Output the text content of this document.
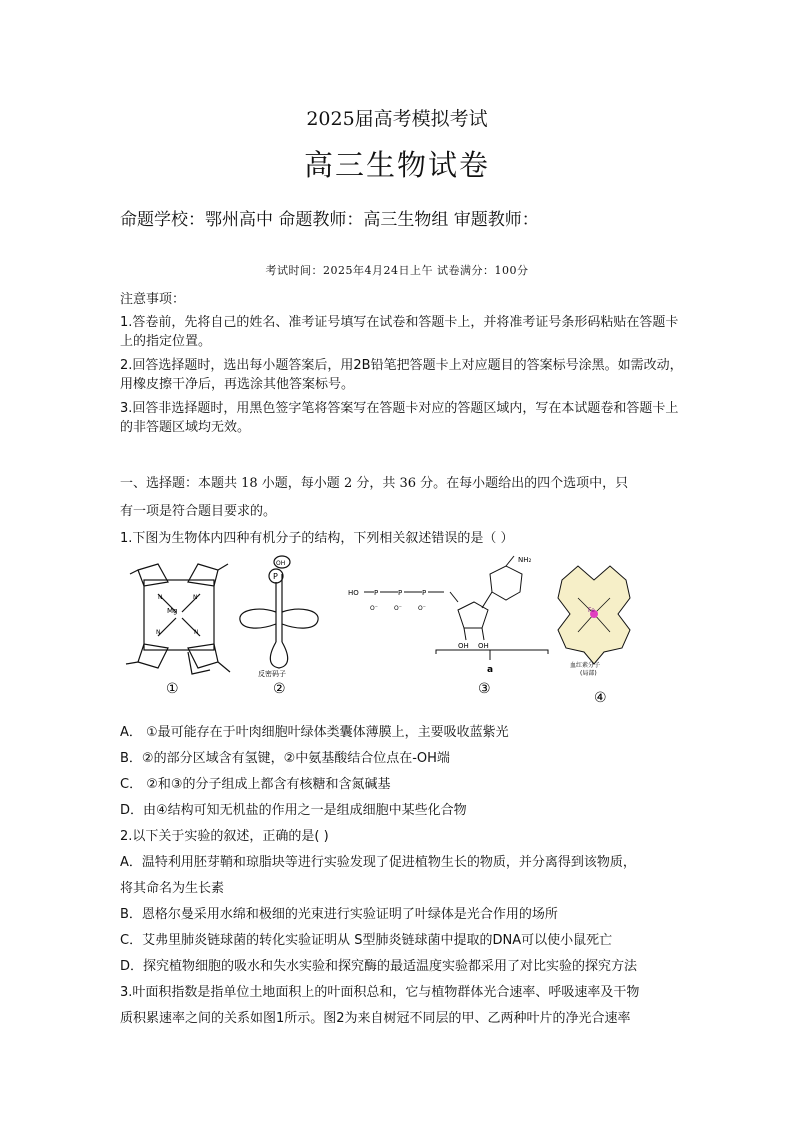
2025届高考模拟考试
高三生物试卷
命题学校：鄂州高中 命题教师：高三生物组 审题教师：
考试时间：2025年4月24日上午 试卷满分：100分
注意事项：
1.答卷前，先将自己的姓名、准考证号填写在试卷和答题卡上，并将准考证号条形码粘贴在答题卡上的指定位置。
2.回答选择题时，选出每小题答案后，用2B铅笔把答题卡上对应题目的答案标号涂黑。如需改动，用橡皮擦干净后，再选涂其他答案标号。
3.回答非选择题时，用黑色签字笔将答案写在答题卡对应的答题区域内，写在本试题卷和答题卡上的非答题区域均无效。
一、选择题：本题共 18 小题，每小题 2 分，共 36 分。在每小题给出的四个选项中，只
有一项是符合题目要求的。
1.下图为生物体内四种有机分子的结构，下列相关叙述错误的是（ ）
Mg
N	N
N	N
P
OH
反密码子
HO P	P	P
O⁻	O⁻	O⁻
NH₂
OH OH
a
Fe
血红素分子
(局部)
①	②	③
④
A． ①最可能存在于叶肉细胞叶绿体类囊体薄膜上，主要吸收蓝紫光
B．②的部分区域含有氢键，②中氨基酸结合位点在-OH端
C． ②和③的分子组成上都含有核糖和含氮碱基
D．由④结构可知无机盐的作用之一是组成细胞中某些化合物
2.以下关于实验的叙述，正确的是( )
A．温特利用胚芽鞘和琼脂块等进行实验发现了促进植物生长的物质，并分离得到该物质，
将其命名为生长素
B．恩格尔曼采用水绵和极细的光束进行实验证明了叶绿体是光合作用的场所
C．艾弗里肺炎链球菌的转化实验证明从 S型肺炎链球菌中提取的DNA可以使小鼠死亡
D．探究植物细胞的吸水和失水实验和探究酶的最适温度实验都采用了对比实验的探究方法
3.叶面积指数是指单位土地面积上的叶面积总和，它与植物群体光合速率、呼吸速率及干物
质积累速率之间的关系如图1所示。图2为来自树冠不同层的甲、乙两种叶片的净光合速率
